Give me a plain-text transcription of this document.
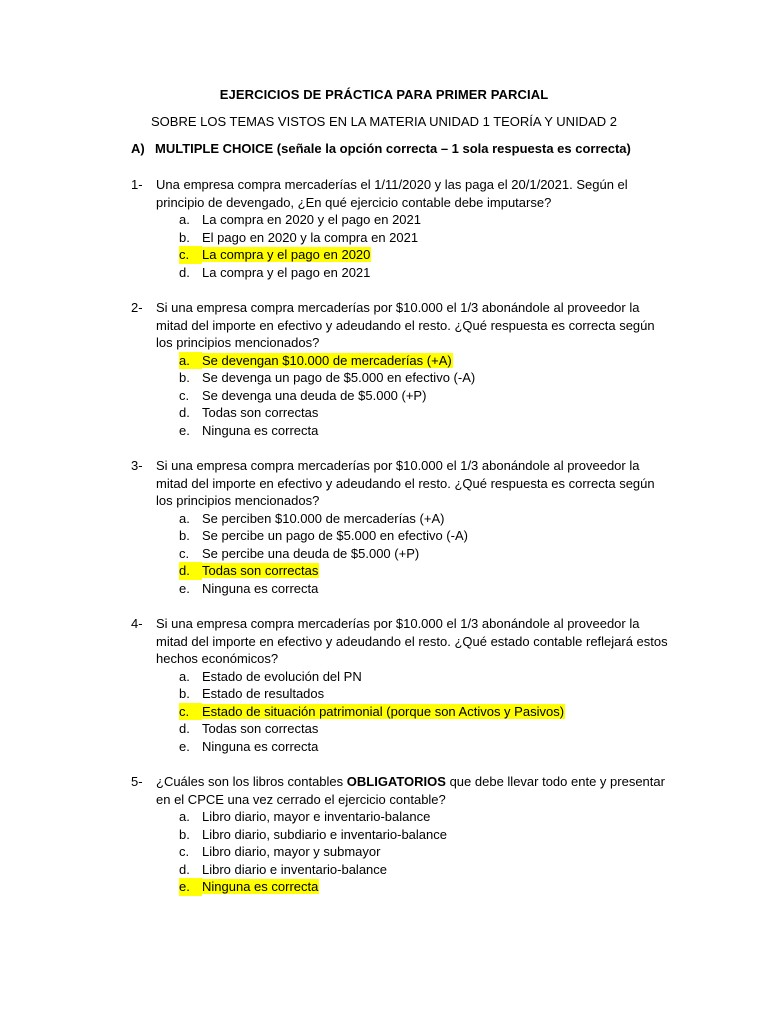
EJERCICIOS DE PRÁCTICA PARA PRIMER PARCIAL
SOBRE LOS TEMAS VISTOS EN LA MATERIA UNIDAD 1 TEORÍA Y UNIDAD 2
A) MULTIPLE CHOICE (señale la opción correcta – 1 sola respuesta es correcta)
1-	Una empresa compra mercaderías el 1/11/2020 y las paga el 20/1/2021. Según el principio de devengado, ¿En qué ejercicio contable debe imputarse?
a. La compra en 2020 y el pago en 2021
b. El pago en 2020 y la compra en 2021
c. La compra y el pago en 2020
d. La compra y el pago en 2021
2-	Si una empresa compra mercaderías por $10.000 el 1/3 abonándole al proveedor la mitad del importe en efectivo y adeudando el resto. ¿Qué respuesta es correcta según los principios mencionados?
a. Se devengan $10.000 de mercaderías (+A)
b. Se devenga un pago de $5.000 en efectivo (-A)
c. Se devenga una deuda de $5.000 (+P)
d. Todas son correctas
e. Ninguna es correcta
3-	Si una empresa compra mercaderías por $10.000 el 1/3 abonándole al proveedor la mitad del importe en efectivo y adeudando el resto. ¿Qué respuesta es correcta según los principios mencionados?
a. Se perciben $10.000 de mercaderías (+A)
b. Se percibe un pago de $5.000 en efectivo (-A)
c. Se percibe una deuda de $5.000 (+P)
d. Todas son correctas
e. Ninguna es correcta
4-	Si una empresa compra mercaderías por $10.000 el 1/3 abonándole al proveedor la mitad del importe en efectivo y adeudando el resto. ¿Qué estado contable reflejará estos hechos económicos?
a. Estado de evolución del PN
b. Estado de resultados
c. Estado de situación patrimonial (porque son Activos y Pasivos)
d. Todas son correctas
e. Ninguna es correcta
5-	¿Cuáles son los libros contables OBLIGATORIOS que debe llevar todo ente y presentar en el CPCE una vez cerrado el ejercicio contable?
a. Libro diario, mayor e inventario-balance
b. Libro diario, subdiario e inventario-balance
c. Libro diario, mayor y submayor
d. Libro diario e inventario-balance
e. Ninguna es correcta
